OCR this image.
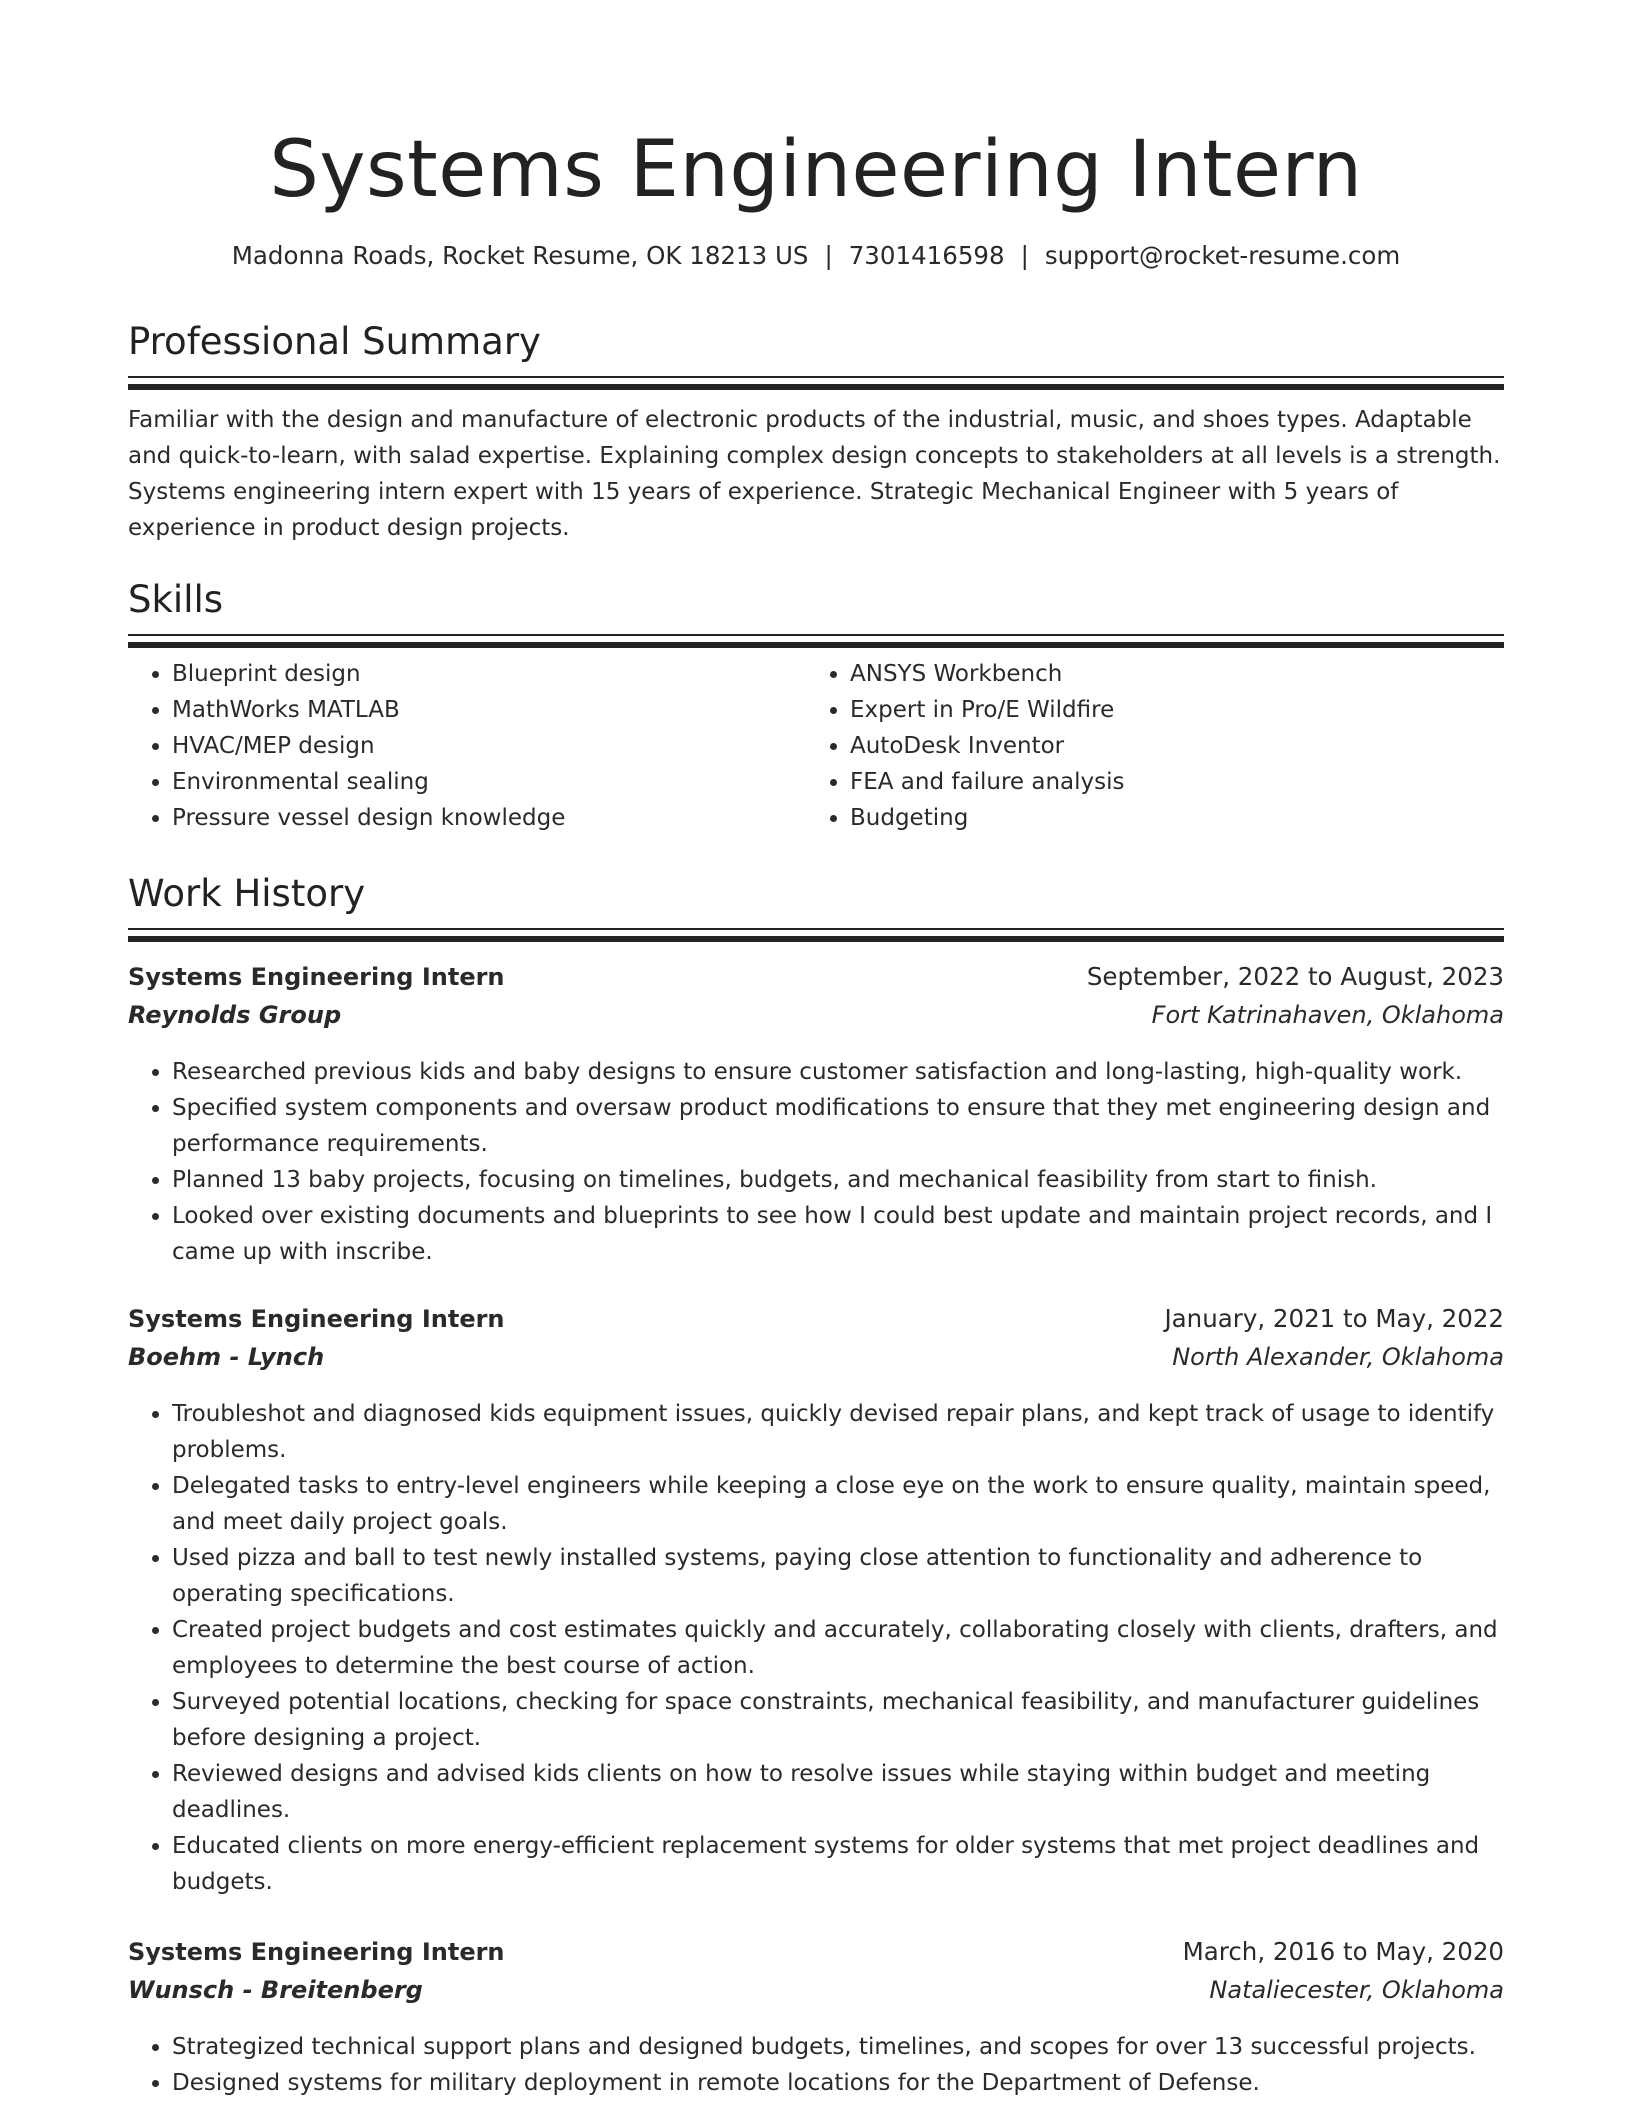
Systems Engineering Intern
Madonna Roads, Rocket Resume, OK 18213 US | 7301416598 | support@rocket-resume.com
Professional Summary

Familiar with the design and manufacture of electronic products of the industrial, music, and shoes types. Adaptable and quick-to-learn, with salad expertise. Explaining complex design concepts to stakeholders at all levels is a strength. Systems engineering intern expert with 15 years of experience. Strategic Mechanical Engineer with 5 years of experience in product design projects.

Skills
• Blueprint design
• MathWorks MATLAB
• HVAC/MEP design
• Environmental sealing
• Pressure vessel design knowledge
• ANSYS Workbench
• Expert in Pro/E Wildfire
• AutoDesk Inventor
• FEA and failure analysis
• Budgeting
Work History
Systems Engineering Intern	September, 2022 to August, 2023
Reynolds Group	Fort Katrinahaven, Oklahoma
• Researched previous kids and baby designs to ensure customer satisfaction and long-lasting, high-quality work.
• Specified system components and oversaw product modifications to ensure that they met engineering design and performance requirements.
• Planned 13 baby projects, focusing on timelines, budgets, and mechanical feasibility from start to finish.
• Looked over existing documents and blueprints to see how I could best update and maintain project records, and I came up with inscribe.
Systems Engineering Intern	January, 2021 to May, 2022
Boehm - Lynch	North Alexander, Oklahoma
• Troubleshot and diagnosed kids equipment issues, quickly devised repair plans, and kept track of usage to identify problems.
• Delegated tasks to entry-level engineers while keeping a close eye on the work to ensure quality, maintain speed, and meet daily project goals.
• Used pizza and ball to test newly installed systems, paying close attention to functionality and adherence to operating specifications.
• Created project budgets and cost estimates quickly and accurately, collaborating closely with clients, drafters, and employees to determine the best course of action.
• Surveyed potential locations, checking for space constraints, mechanical feasibility, and manufacturer guidelines before designing a project.
• Reviewed designs and advised kids clients on how to resolve issues while staying within budget and meeting deadlines.
• Educated clients on more energy-efficient replacement systems for older systems that met project deadlines and budgets.
Systems Engineering Intern	March, 2016 to May, 2020
Wunsch - Breitenberg	Nataliecester, Oklahoma
• Strategized technical support plans and designed budgets, timelines, and scopes for over 13 successful projects.
• Designed systems for military deployment in remote locations for the Department of Defense.
